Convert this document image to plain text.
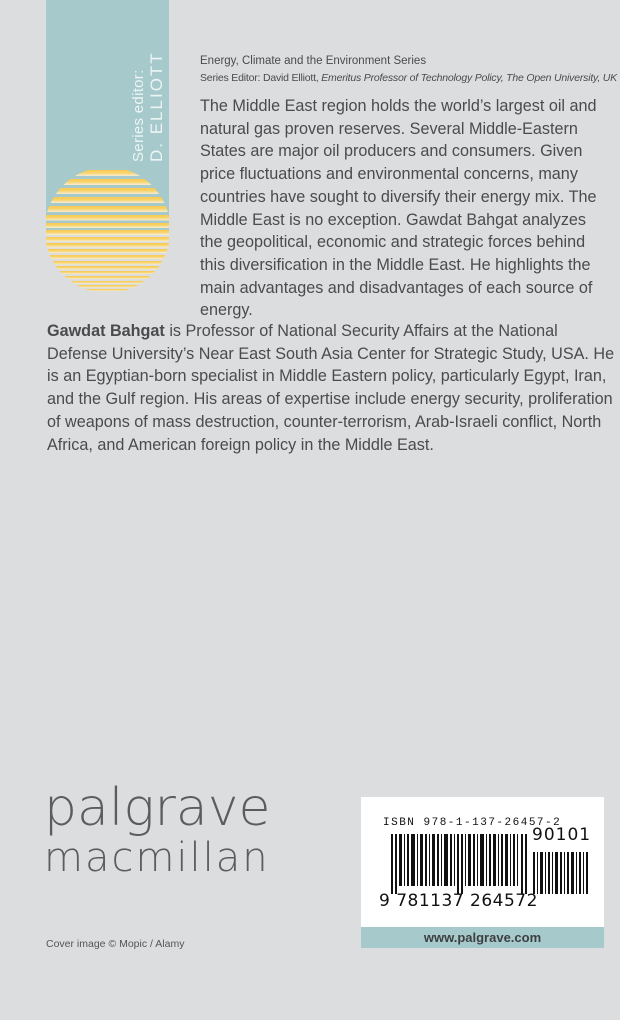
Series editor: D. ELLIOTT	Energy, Climate and the Environment Series
Series Editor: David Elliott, Emeritus Professor of Technology Policy, The Open University, UK

The Middle East region holds the world’s largest oil and natural gas proven reserves. Several Middle-Eastern States are major oil producers and consumers. Given price fluctuations and environmental concerns, many countries have sought to diversify their energy mix. The Middle East is no exception. Gawdat Bahgat analyzes the geopolitical, economic and strategic forces behind this diversification in the Middle East. He highlights the main advantages and disadvantages of each source of energy.

Gawdat Bahgat is Professor of National Security Affairs at the National Defense University’s Near East South Asia Center for Strategic Study, USA. He is an Egyptian-born specialist in Middle Eastern policy, particularly Egypt, Iran, and the Gulf region. His areas of expertise include energy security, proliferation of weapons of mass destruction, counter-terrorism, Arab-Israeli conflict, North Africa, and American foreign policy in the Middle East.
palgrave
macmillan
Cover image © Mopic / Alamy
ISBN 978-1-137-26457-2
9 781137 264572
90101
www.palgrave.com
